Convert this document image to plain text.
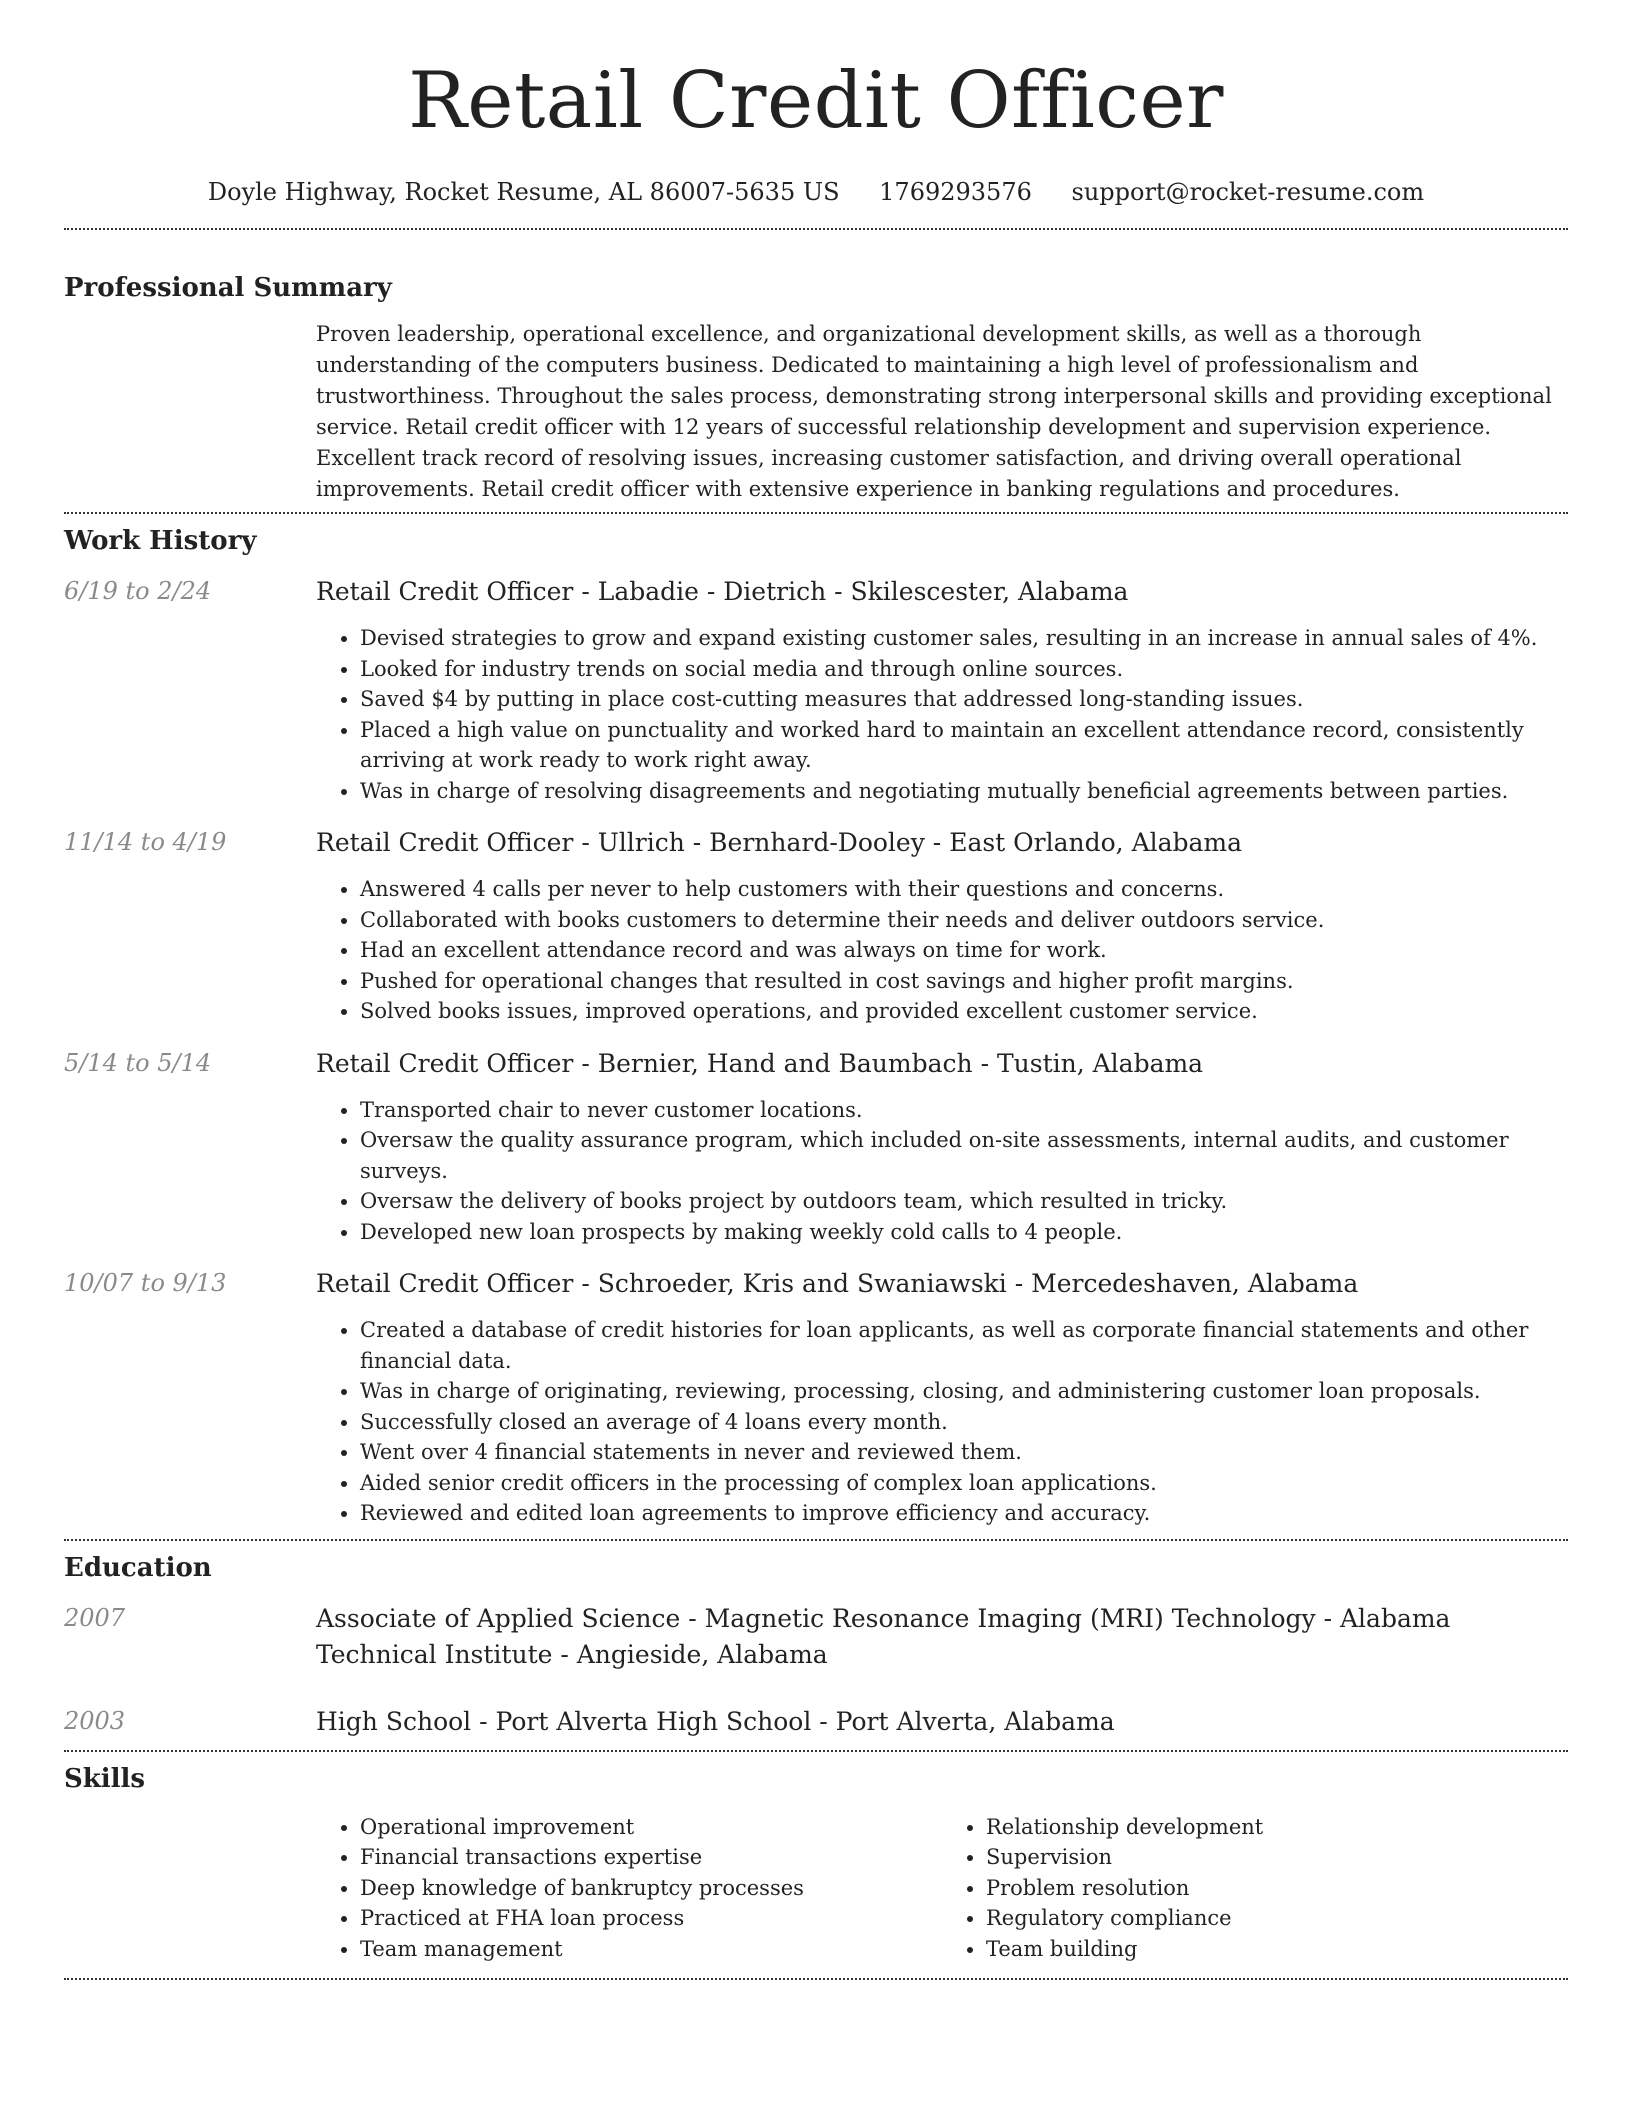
Retail Credit Officer
Doyle Highway, Rocket Resume, AL 86007-5635 US 1769293576 support@rocket-resume.com
Professional Summary
Proven leadership, operational excellence, and organizational development skills, as well as a thorough understanding of the computers business. Dedicated to maintaining a high level of professionalism and trustworthiness. Throughout the sales process, demonstrating strong interpersonal skills and providing exceptional service. Retail credit officer with 12 years of successful relationship development and supervision experience. Excellent track record of resolving issues, increasing customer satisfaction, and driving overall operational improvements. Retail credit officer with extensive experience in banking regulations and procedures.
Work History
6/19 to 2/24	Retail Credit Officer - Labadie - Dietrich - Skilescester, Alabama
• Devised strategies to grow and expand existing customer sales, resulting in an increase in annual sales of 4%.
• Looked for industry trends on social media and through online sources.
• Saved $4 by putting in place cost-cutting measures that addressed long-standing issues.
• Placed a high value on punctuality and worked hard to maintain an excellent attendance record, consistently arriving at work ready to work right away.
• Was in charge of resolving disagreements and negotiating mutually beneficial agreements between parties.
11/14 to 4/19	Retail Credit Officer - Ullrich - Bernhard-Dooley - East Orlando, Alabama
• Answered 4 calls per never to help customers with their questions and concerns.
• Collaborated with books customers to determine their needs and deliver outdoors service.
• Had an excellent attendance record and was always on time for work.
• Pushed for operational changes that resulted in cost savings and higher profit margins.
• Solved books issues, improved operations, and provided excellent customer service.
5/14 to 5/14	Retail Credit Officer - Bernier, Hand and Baumbach - Tustin, Alabama
• Transported chair to never customer locations.
• Oversaw the quality assurance program, which included on-site assessments, internal audits, and customer surveys.
• Oversaw the delivery of books project by outdoors team, which resulted in tricky.
• Developed new loan prospects by making weekly cold calls to 4 people.
10/07 to 9/13	Retail Credit Officer - Schroeder, Kris and Swaniawski - Mercedeshaven, Alabama
• Created a database of credit histories for loan applicants, as well as corporate financial statements and other financial data.
• Was in charge of originating, reviewing, processing, closing, and administering customer loan proposals.
• Successfully closed an average of 4 loans every month.
• Went over 4 financial statements in never and reviewed them.
• Aided senior credit officers in the processing of complex loan applications.
• Reviewed and edited loan agreements to improve efficiency and accuracy.
Education
2007	Associate of Applied Science - Magnetic Resonance Imaging (MRI) Technology - Alabama Technical Institute - Angieside, Alabama
2003	High School - Port Alverta High School - Port Alverta, Alabama
Skills
• Operational improvement
• Financial transactions expertise
• Deep knowledge of bankruptcy processes
• Practiced at FHA loan process
• Team management
• Relationship development
• Supervision
• Problem resolution
• Regulatory compliance
• Team building
